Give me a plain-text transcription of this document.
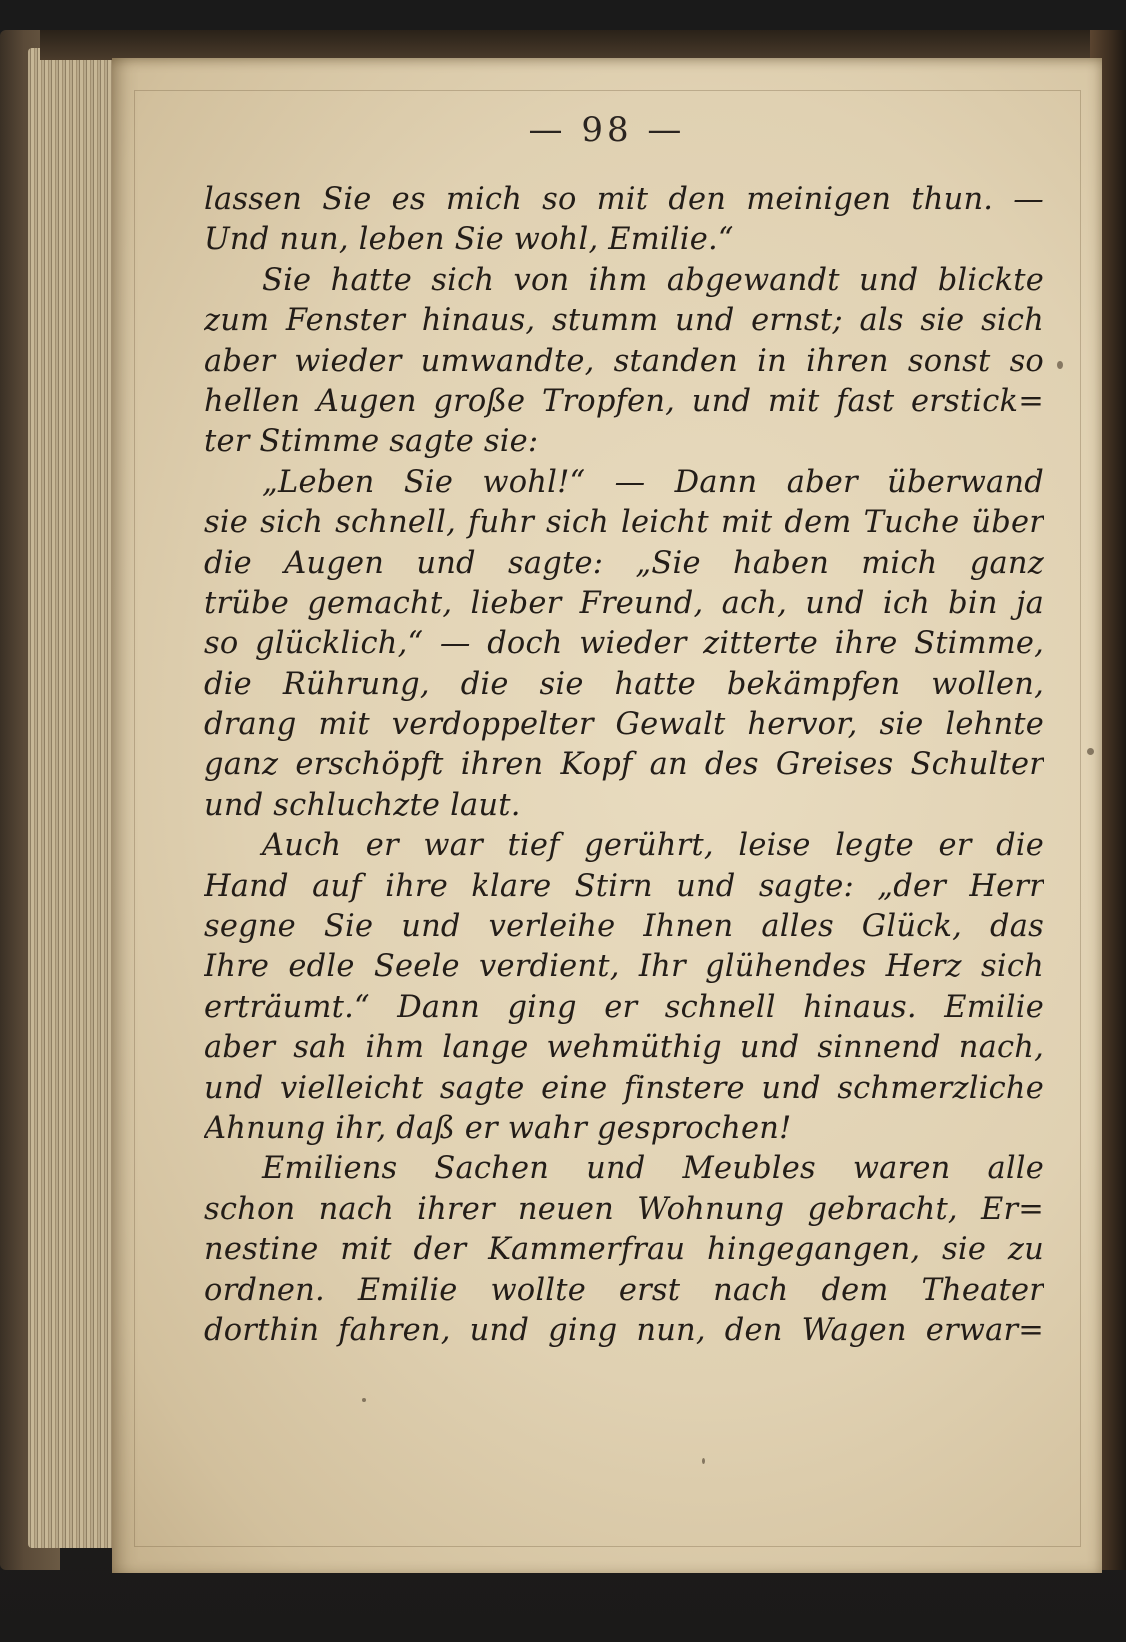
— 98 —
lassen Sie es mich so mit den meinigen thun. —
Und nun, leben Sie wohl, Emilie.“
Sie hatte sich von ihm abgewandt und blickte
zum Fenster hinaus, stumm und ernst; als sie sich
aber wieder umwandte, standen in ihren sonst so
hellen Augen große Tropfen, und mit fast erstick=
ter Stimme sagte sie:
„Leben Sie wohl!“ — Dann aber überwand
sie sich schnell, fuhr sich leicht mit dem Tuche über
die Augen und sagte: „Sie haben mich ganz
trübe gemacht, lieber Freund, ach, und ich bin ja
so glücklich,“ — doch wieder zitterte ihre Stimme,
die Rührung, die sie hatte bekämpfen wollen,
drang mit verdoppelter Gewalt hervor, sie lehnte
ganz erschöpft ihren Kopf an des Greises Schulter
und schluchzte laut.
Auch er war tief gerührt, leise legte er die
Hand auf ihre klare Stirn und sagte: „der Herr
segne Sie und verleihe Ihnen alles Glück, das
Ihre edle Seele verdient, Ihr glühendes Herz sich
erträumt.“ Dann ging er schnell hinaus. Emilie
aber sah ihm lange wehmüthig und sinnend nach,
und vielleicht sagte eine finstere und schmerzliche
Ahnung ihr, daß er wahr gesprochen!
Emiliens Sachen und Meubles waren alle
schon nach ihrer neuen Wohnung gebracht, Er=
nestine mit der Kammerfrau hingegangen, sie zu
ordnen. Emilie wollte erst nach dem Theater
dorthin fahren, und ging nun, den Wagen erwar=
